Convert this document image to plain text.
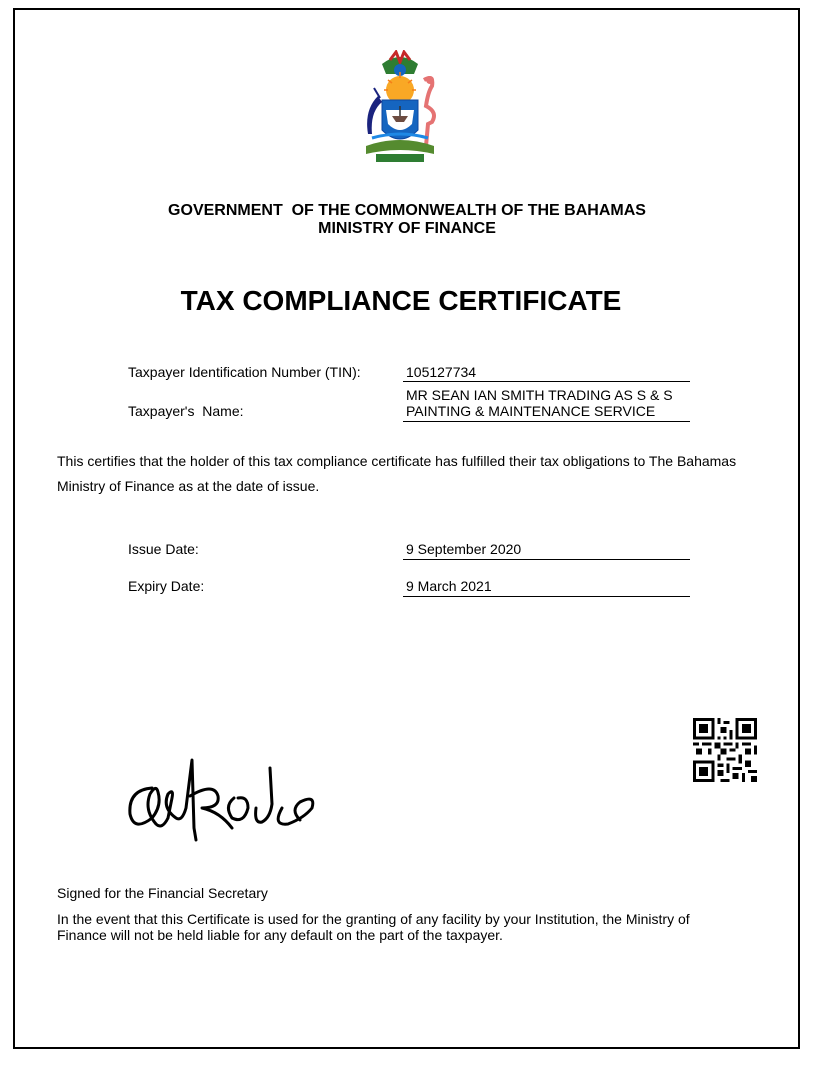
GOVERNMENT  OF THE COMMONWEALTH OF THE BAHAMAS
MINISTRY OF FINANCE
TAX COMPLIANCE CERTIFICATE
Taxpayer Identification Number (TIN):	105127734
Taxpayer's  Name:
MR SEAN IAN SMITH TRADING AS S & S
PAINTING & MAINTENANCE SERVICE
This certifies that the holder of this tax compliance certificate has fulfilled their tax obligations to The Bahamas Ministry of Finance as at the date of issue.
Issue Date:	9 September 2020
Expiry Date:	9 March 2021
Signed for the Financial Secretary
In the event that this Certificate is used for the granting of any facility by your Institution, the Ministry of Finance will not be held liable for any default on the part of the taxpayer.
